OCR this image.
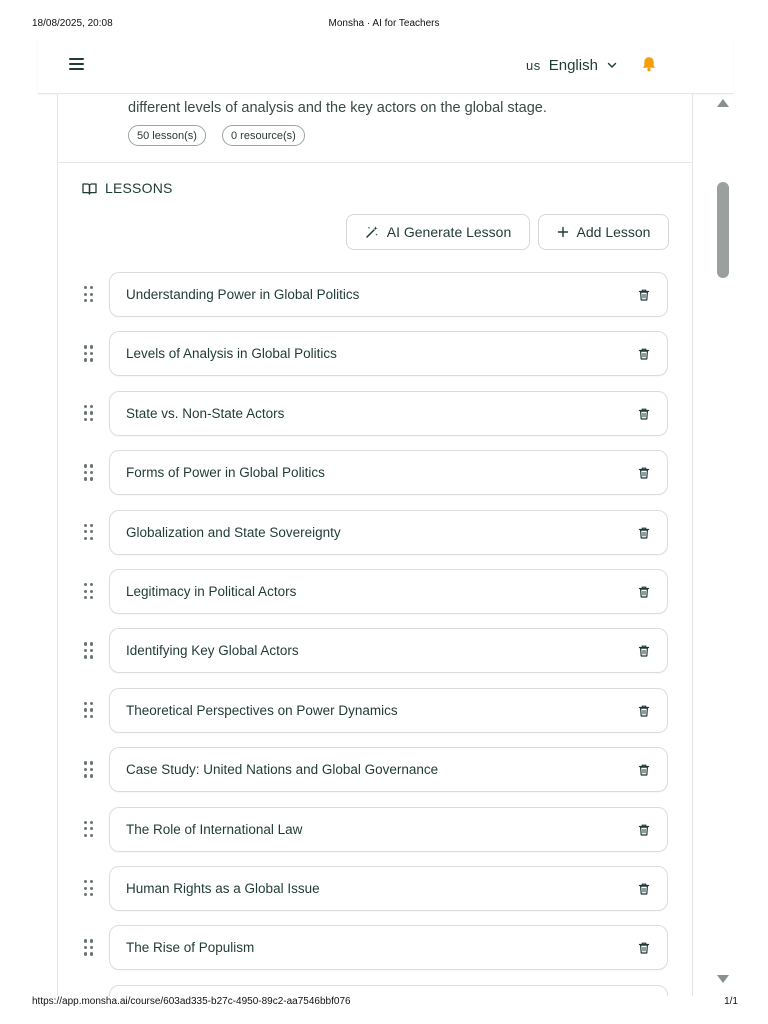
18/08/2025, 20:08	Monsha · AI for Teachers
us English
different levels of analysis and the key actors on the global stage.
50 lesson(s)	0 resource(s)
LESSONS
AI Generate Lesson	Add Lesson
Understanding Power in Global Politics
Levels of Analysis in Global Politics
State vs. Non-State Actors
Forms of Power in Global Politics
Globalization and State Sovereignty
Legitimacy in Political Actors
Identifying Key Global Actors
Theoretical Perspectives on Power Dynamics
Case Study: United Nations and Global Governance
The Role of International Law
Human Rights as a Global Issue
The Rise of Populism
https://app.monsha.ai/course/603ad335-b27c-4950-89c2-aa7546bbf076	1/1
